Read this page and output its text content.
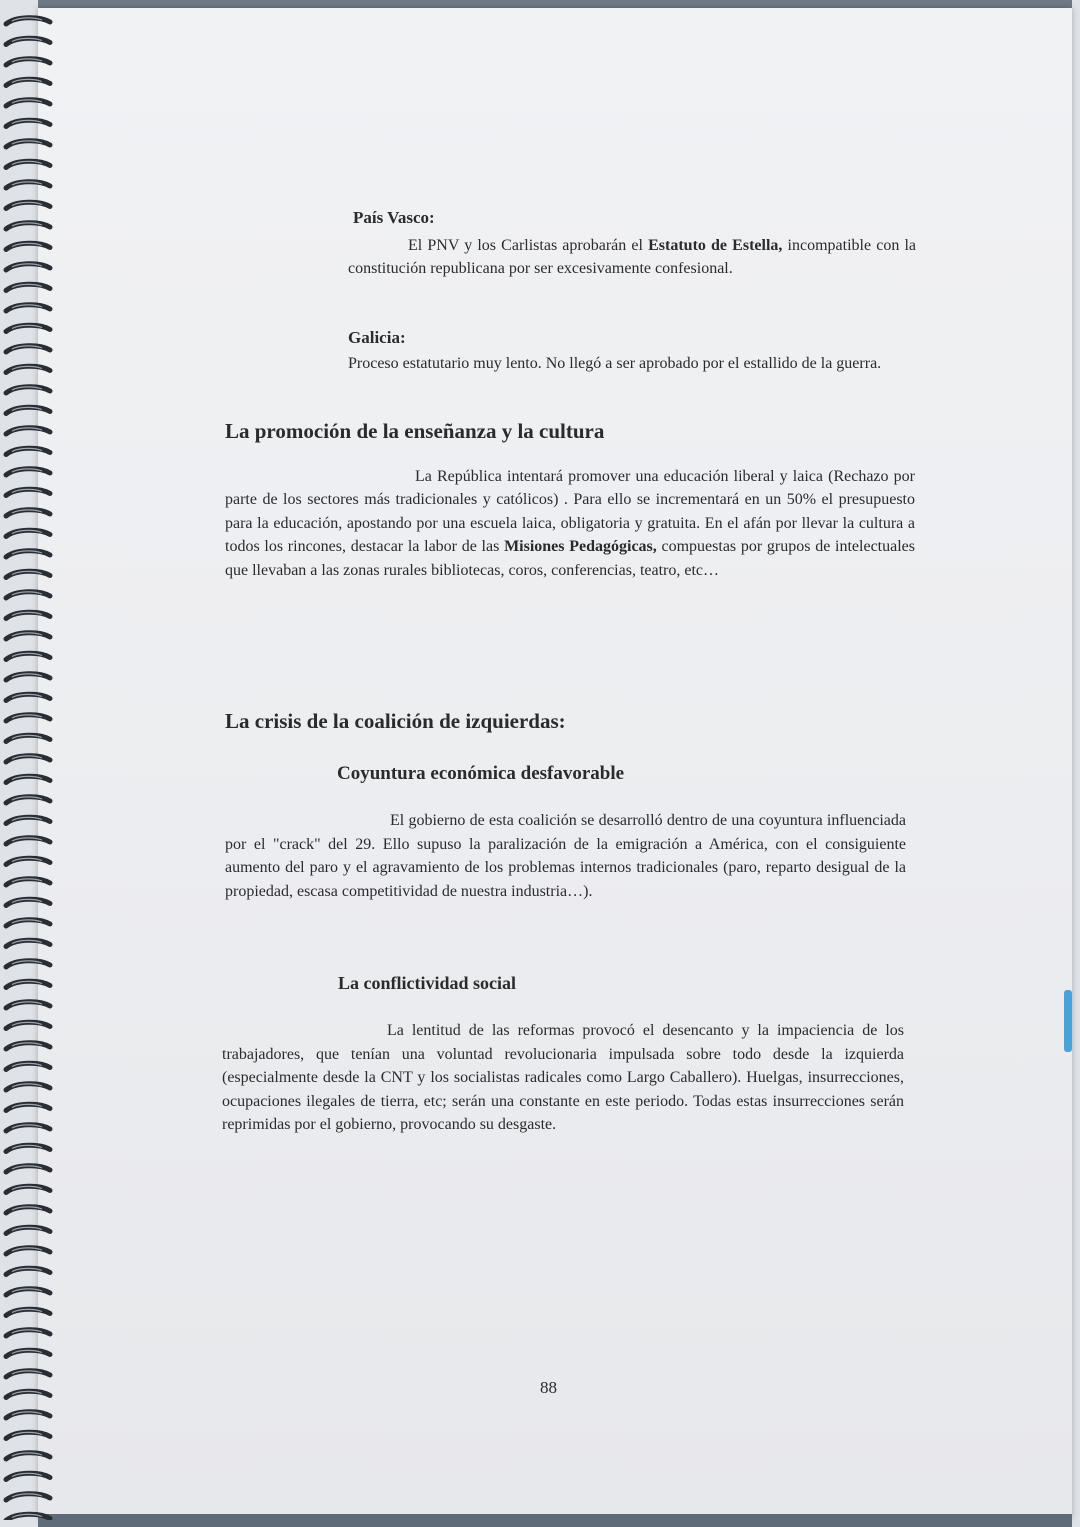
País Vasco:

El PNV y los Carlistas aprobarán el Estatuto de Estella, incompatible con la constitución republicana por ser excesivamente confesional.

Galicia:

Proceso estatutario muy lento. No llegó a ser aprobado por el estallido de la guerra.

La promoción de la enseñanza y la cultura

La República intentará promover una educación liberal y laica (Rechazo por parte de los sectores más tradicionales y católicos) . Para ello se incrementará en un 50% el presupuesto para la educación, apostando por una escuela laica, obligatoria y gratuita. En el afán por llevar la cultura a todos los rincones, destacar la labor de las Misiones Pedagógicas, compuestas por grupos de intelectuales que llevaban a las zonas rurales bibliotecas, coros, conferencias, teatro, etc…

La crisis de la coalición de izquierdas:
Coyuntura económica desfavorable

El gobierno de esta coalición se desarrolló dentro de una coyuntura influenciada por el "crack" del 29. Ello supuso la paralización de la emigración a América, con el consiguiente aumento del paro y el agravamiento de los problemas internos tradicionales (paro, reparto desigual de la propiedad, escasa competitividad de nuestra industria…).

La conflictividad social

La lentitud de las reformas provocó el desencanto y la impaciencia de los trabajadores, que tenían una voluntad revolucionaria impulsada sobre todo desde la izquierda (especialmente desde la CNT y los socialistas radicales como Largo Caballero). Huelgas, insurrecciones, ocupaciones ilegales de tierra, etc; serán una constante en este periodo. Todas estas insurrecciones serán reprimidas por el gobierno, provocando su desgaste.

88
